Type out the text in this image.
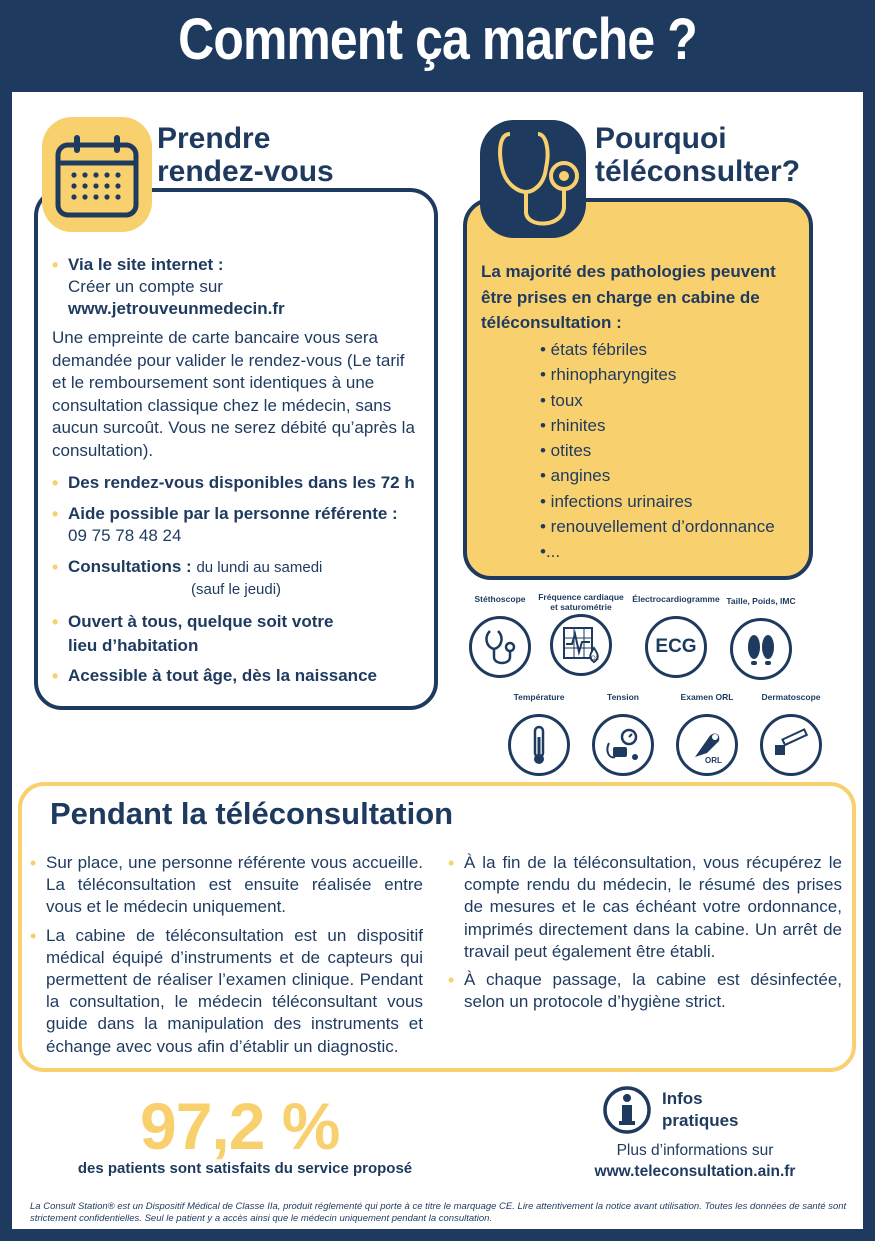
Comment ça marche ?
Prendre
rendez-vous
• Via le site internet :
Créer un compte sur
www.jetrouveunmedecin.fr

Une empreinte de carte bancaire vous sera demandée pour valider le rendez-vous (Le tarif et le remboursement sont identiques à une consultation classique chez le médecin, sans aucun surcoût. Vous ne serez débité qu’après la consultation).

• Des rendez-vous disponibles dans les 72 h
• Aide possible par la personne référente :
09 75 78 48 24
• Consultations : du lundi au samedi
(sauf le jeudi)
• Ouvert à tous, quelque soit votre
lieu d’habitation
• Acessible à tout âge, dès la naissance
Pourquoi
téléconsulter?
La majorité des pathologies peuvent être prises en charge en cabine de téléconsultation :
• états fébriles
• rhinopharyngites
• toux
• rhinites
• otites
• angines
• infections urinaires
• renouvellement d’ordonnance
•...
Stéthoscope	Fréquence cardiaque et saturométrie
O2
Électrocardiogramme
ECG
Taille, Poids, IMC
Température	Tension	Examen ORL
ORL
Dermatoscope
Pendant la téléconsultation
• Sur place, une personne référente vous accueille. La téléconsultation est ensuite réalisée entre vous et le médecin uniquement.
• La cabine de téléconsultation est un dispositif médical équipé d’instruments et de capteurs qui permettent de réaliser l’examen clinique. Pendant la consultation, le médecin téléconsultant vous guide dans la manipulation des instruments et échange avec vous afin d’établir un diagnostic.
• À la fin de la téléconsultation, vous récupérez le compte rendu du médecin, le résumé des prises de mesures et le cas échéant votre ordonnance, imprimés directement dans la cabine. Un arrêt de travail peut également être établi.
• À chaque passage, la cabine est désinfectée, selon un protocole d’hygiène strict.
97,2 %
des patients sont satisfaits du service proposé
Infos
pratiques
Plus d’informations sur
www.teleconsultation.ain.fr
La Consult Station® est un Dispositif Médical de Classe IIa, produit réglementé qui porte à ce titre le marquage CE. Lire attentivement la notice avant utilisation. Toutes les données de santé sont strictement confidentielles. Seul le patient y a accès ainsi que le médecin uniquement pendant la consultation.
